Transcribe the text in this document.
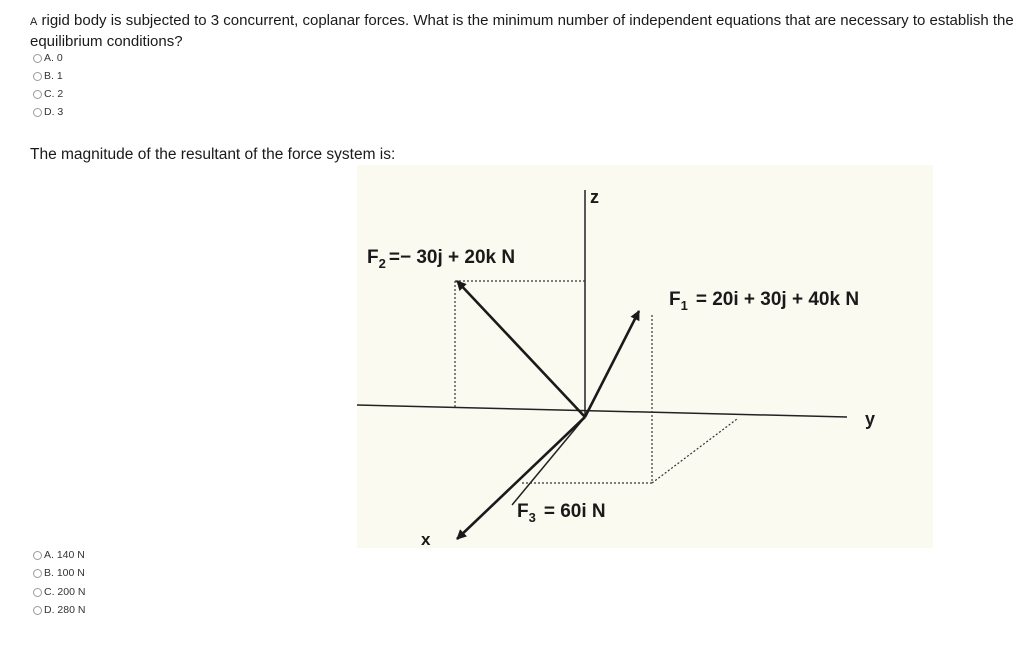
A rigid body is subjected to 3 concurrent, coplanar forces. What is the minimum number of independent equations that are necessary to establish the equilibrium conditions?
A. 0
B. 1
C. 2
D. 3
The magnitude of the resultant of the force system is:
z
y
x
$F_2 =- 30j + 20k$ N
$F_1 = 20i + 30j + 40k$ N
$F_3 = 60i$ N
A. 140 N
B. 100 N
C. 200 N
D. 280 N
